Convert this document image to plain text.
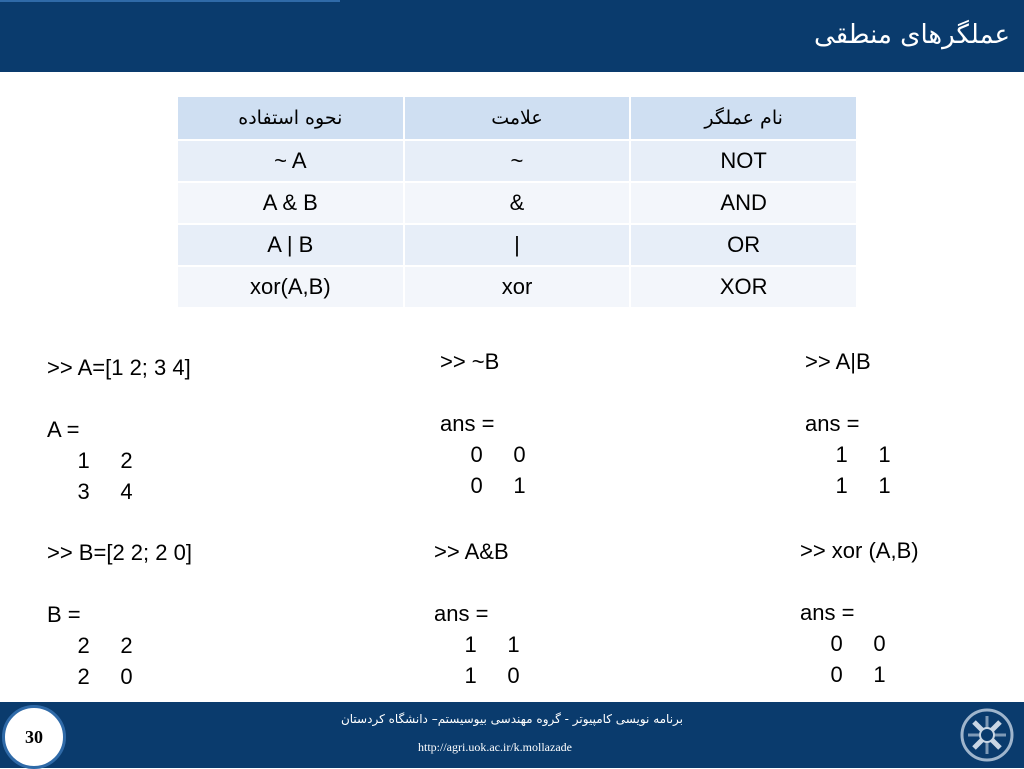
عملگرهای منطقی
نحوه استفاده	علامت	نام عملگر
~ A	~	NOT
A & B	&	AND
A | B	|	OR
xor(A,B)	xor	XOR
>> A=[1 2; 3 4]

A =
1     2
3     4
>> B=[2 2; 2 0]

B =
2     2
2     0
>> ~B

ans =
0     0
0     1
>> A&B

ans =
1     1
1     0
>> A|B

ans =
1     1
1     1
>> xor (A,B)

ans =
0     0
0     1
برنامه نویسی کامپیوتر - گروه مهندسی بیوسیستم– دانشگاه کردستان
http://agri.uok.ac.ir/k.mollazade
30
